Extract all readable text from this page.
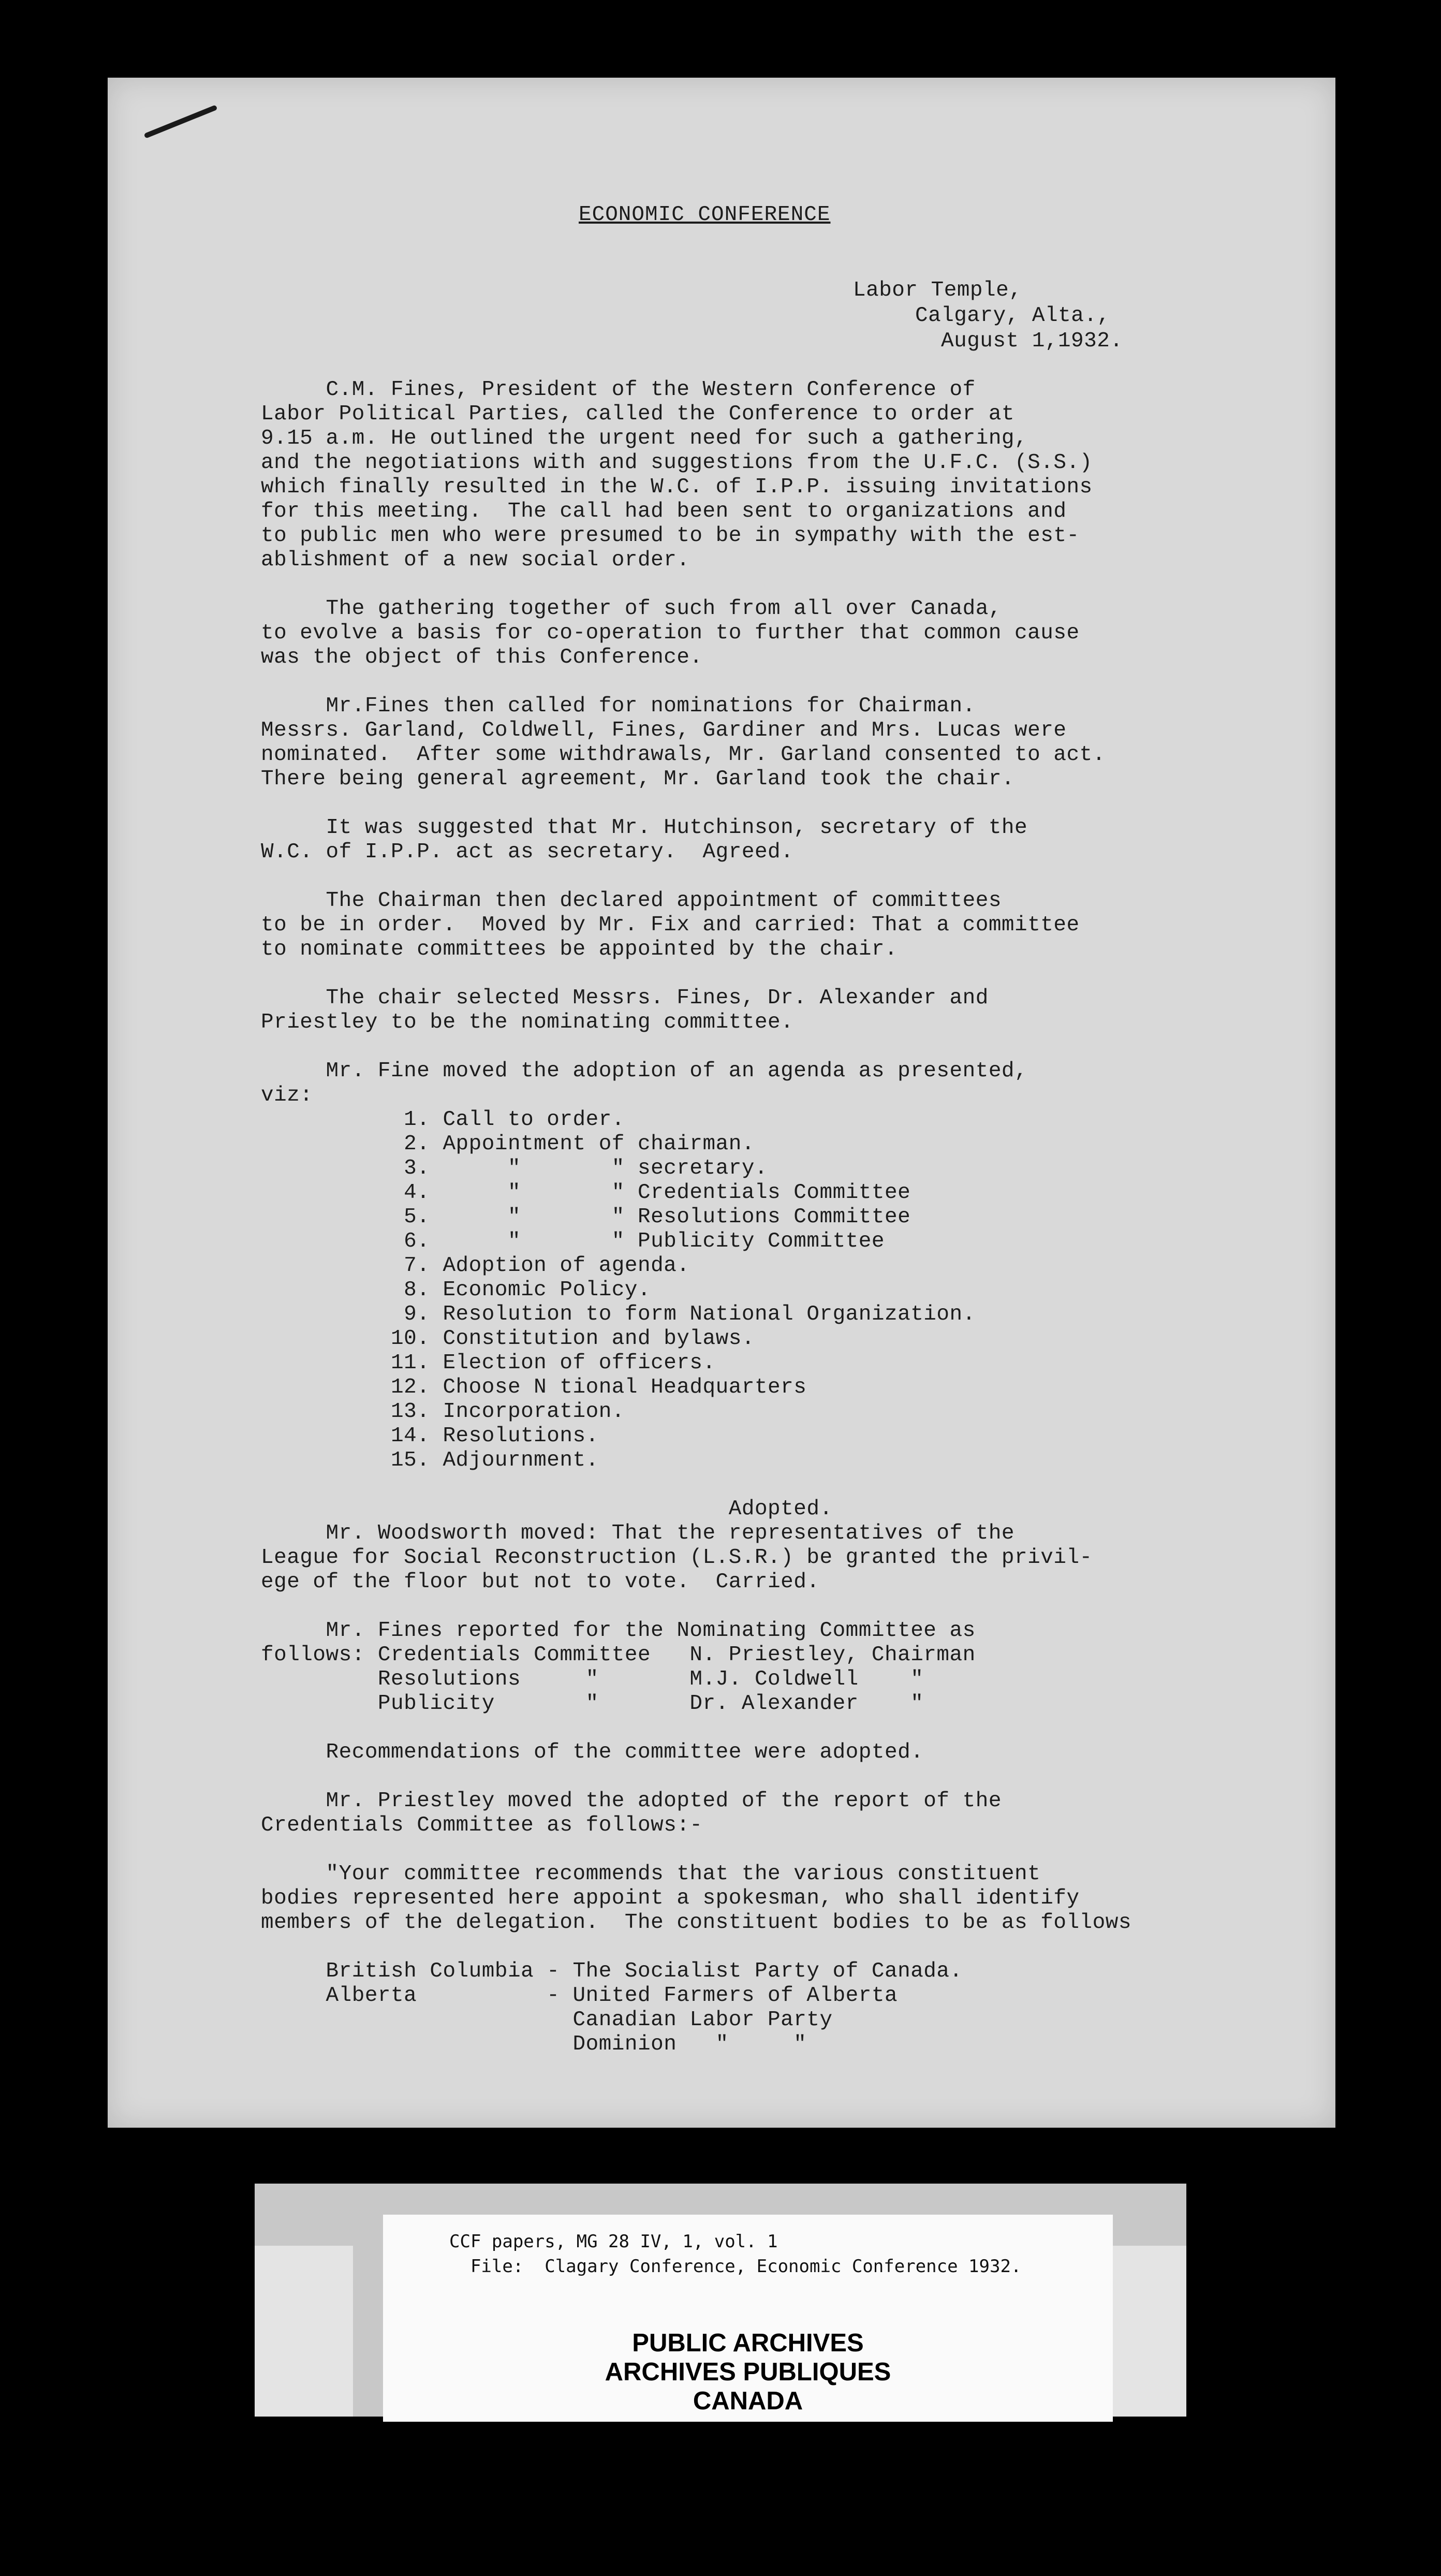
ECONOMIC CONFERENCE
Labor Temple,
Calgary, Alta.,
August 1,1932.
C.M. Fines, President of the Western Conference of
Labor Political Parties, called the Conference to order at
9.15 a.m. He outlined the urgent need for such a gathering,
and the negotiations with and suggestions from the U.F.C. (S.S.)
which finally resulted in the W.C. of I.P.P. issuing invitations
for this meeting.  The call had been sent to organizations and
to public men who were presumed to be in sympathy with the est-
ablishment of a new social order.
The gathering together of such from all over Canada,
to evolve a basis for co-operation to further that common cause
was the object of this Conference.
Mr.Fines then called for nominations for Chairman.
Messrs. Garland, Coldwell, Fines, Gardiner and Mrs. Lucas were
nominated.  After some withdrawals, Mr. Garland consented to act.
There being general agreement, Mr. Garland took the chair.
It was suggested that Mr. Hutchinson, secretary of the
W.C. of I.P.P. act as secretary.  Agreed.
The Chairman then declared appointment of committees
to be in order.  Moved by Mr. Fix and carried: That a committee
to nominate committees be appointed by the chair.
The chair selected Messrs. Fines, Dr. Alexander and
Priestley to be the nominating committee.
Mr. Fine moved the adoption of an agenda as presented,
viz:
1. Call to order.
2. Appointment of chairman.
3.      "       " secretary.
4.      "       " Credentials Committee
5.      "       " Resolutions Committee
6.      "       " Publicity Committee
7. Adoption of agenda.
8. Economic Policy.
9. Resolution to form National Organization.
10. Constitution and bylaws.
11. Election of officers.
12. Choose N tional Headquarters
13. Incorporation.
14. Resolutions.
15. Adjournment.
Adopted.
Mr. Woodsworth moved: That the representatives of the
League for Social Reconstruction (L.S.R.) be granted the privil-
ege of the floor but not to vote.  Carried.
Mr. Fines reported for the Nominating Committee as
follows: Credentials Committee   N. Priestley, Chairman
Resolutions     "       M.J. Coldwell    "
Publicity       "       Dr. Alexander    "
Recommendations of the committee were adopted.
Mr. Priestley moved the adopted of the report of the
Credentials Committee as follows:-
"Your committee recommends that the various constituent
bodies represented here appoint a spokesman, who shall identify
members of the delegation.  The constituent bodies to be as follows
British Columbia - The Socialist Party of Canada.
Alberta          - United Farmers of Alberta
Canadian Labor Party
Dominion   "     "
CCF papers, MG 28 IV, 1, vol. 1
File:  Clagary Conference, Economic Conference 1932.
PUBLIC ARCHIVES
ARCHIVES PUBLIQUES
CANADA
